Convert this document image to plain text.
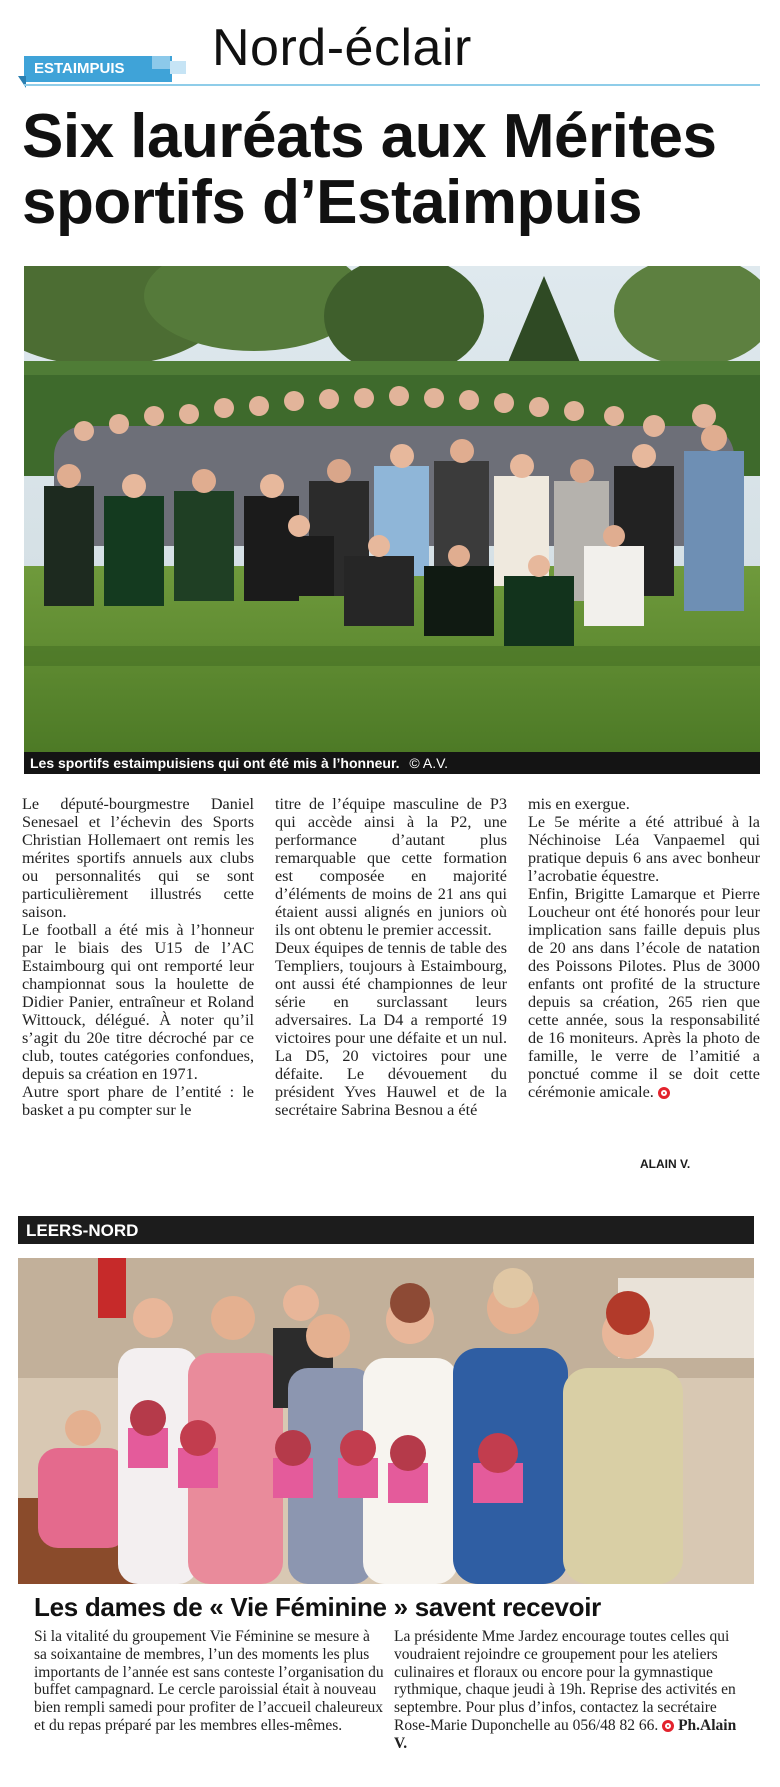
ESTAIMPUIS Nord-éclair
Six lauréats aux Mérites
sportifs d’Estaimpuis
Les sportifs estaimpuisiens qui ont été mis à l’honneur. © A.V.

Le député-bourgmestre Daniel Senesael et l’échevin des Sports Christian Hollemaert ont remis les mérites sportifs annuels aux clubs ou personnalités qui se sont particulièrement illustrés cette saison.

Le football a été mis à l’honneur par le biais des U15 de l’AC Estaimbourg qui ont remporté leur championnat sous la houlette de Didier Panier, entraîneur et Roland Wittouck, délégué. À noter qu’il s’agit du 20e titre décroché par ce club, toutes catégories confondues, depuis sa création en 1971.

Autre sport phare de l’entité : le basket a pu compter sur le

titre de l’équipe masculine de P3 qui accède ainsi à la P2, une performance d’autant plus remarquable que cette formation est composée en majorité d’éléments de moins de 21 ans qui étaient aussi alignés en juniors où ils ont obtenu le premier accessit.

Deux équipes de tennis de table des Templiers, toujours à Estaimbourg, ont aussi été championnes de leur série en surclassant leurs adversaires. La D4 a remporté 19 victoires pour une défaite et un nul. La D5, 20 victoires pour une défaite. Le dévouement du président Yves Hauwel et de la secrétaire Sabrina Besnou a été

mis en exergue.

Le 5e mérite a été attribué à la Néchinoise Léa Vanpaemel qui pratique depuis 6 ans avec bonheur l’acrobatie équestre.

Enfin, Brigitte Lamarque et Pierre Loucheur ont été honorés pour leur implication sans faille depuis plus de 20 ans dans l’école de natation des Poissons Pilotes. Plus de 3000 enfants ont profité de la structure depuis sa création, 265 rien que cette année, sous la responsabilité de 16 moniteurs. Après la photo de famille, le verre de l’amitié a ponctué comme il se doit cette cérémonie amicale.

ALAIN V.
LEERS-NORD
Les dames de « Vie Féminine » savent recevoir
Si la vitalité du groupement Vie Féminine se mesure à sa soixantaine de membres, l’un des moments les plus importants de l’année est sans conteste l’organisation du buffet campagnard. Le cercle paroissial était à nouveau bien rempli samedi pour profiter de l’accueil chaleureux et du repas préparé par les membres elles-mêmes.
La présidente Mme Jardez encourage toutes celles qui voudraient rejoindre ce groupement pour les ateliers culinaires et floraux ou encore pour la gymnastique rythmique, chaque jeudi à 19h. Reprise des activités en septembre. Pour plus d’infos, contactez la secrétaire Rose-Marie Duponchelle au 056/48 82 66. Ph.Alain V.
